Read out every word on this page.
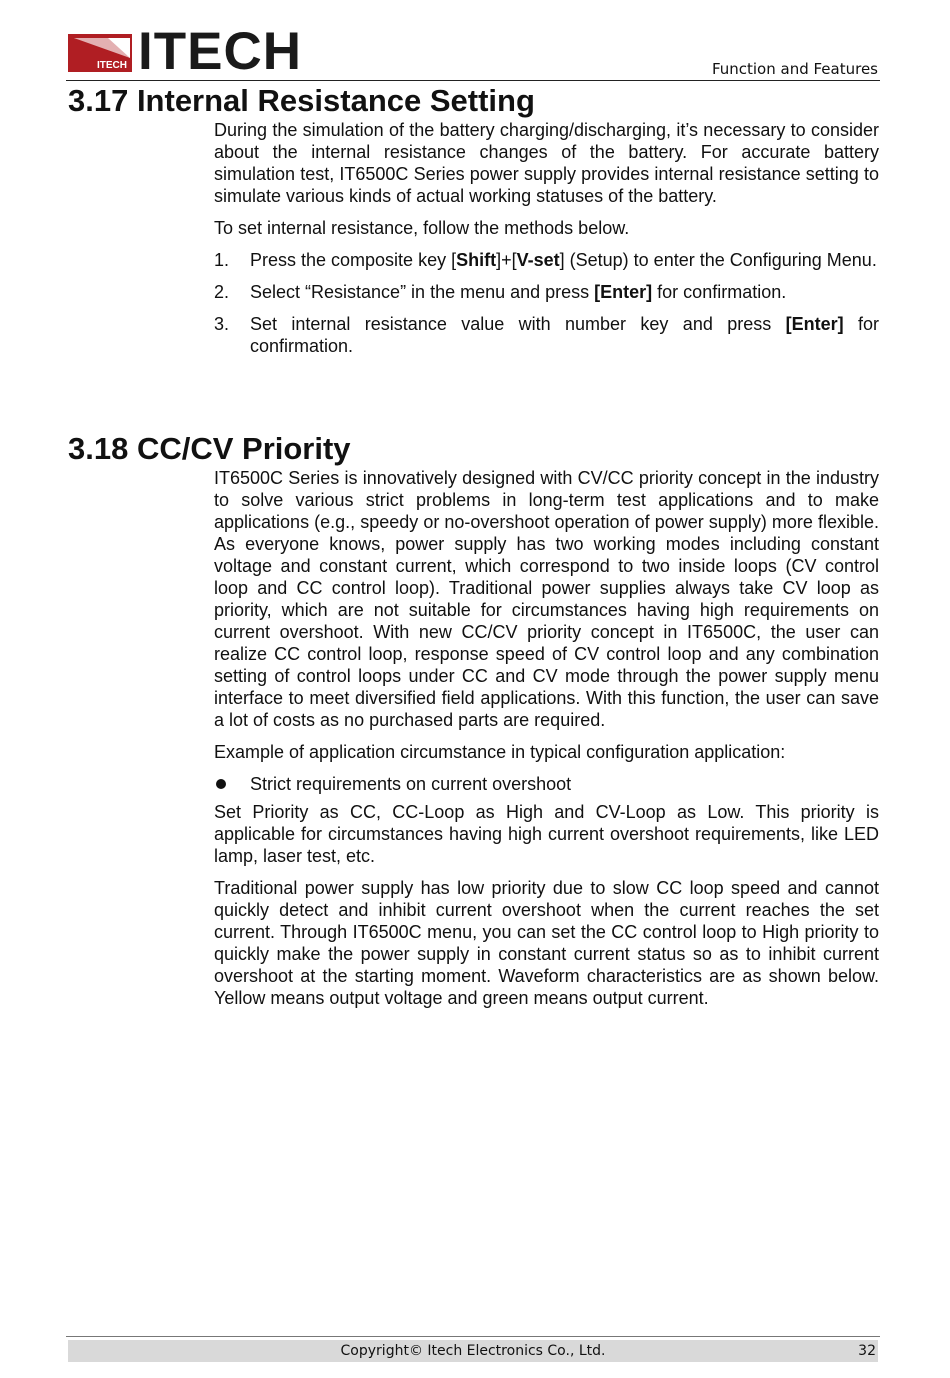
ITECH ITECH	Function and Features
3.17 Internal Resistance Setting

During the simulation of the battery charging/discharging, it’s necessary to consider about the internal resistance changes of the battery. For accurate battery simulation test, IT6500C Series power supply provides internal resistance setting to simulate various kinds of actual working statuses of the battery.

To set internal resistance, follow the methods below.

1.	Press the composite key [Shift]+[V-set] (Setup) to enter the Configuring Menu.
2.	Select “Resistance” in the menu and press [Enter] for confirmation.
3.	Set internal resistance value with number key and press [Enter] for confirmation.
3.18 CC/CV Priority

IT6500C Series is innovatively designed with CV/CC priority concept in the industry to solve various strict problems in long-term test applications and to make applications (e.g., speedy or no-overshoot operation of power supply) more flexible. As everyone knows, power supply has two working modes including constant voltage and constant current, which correspond to two inside loops (CV control loop and CC control loop). Traditional power supplies always take CV loop as priority, which are not suitable for circumstances having high requirements on current overshoot. With new CC/CV priority concept in IT6500C, the user can realize CC control loop, response speed of CV control loop and any combination setting of control loops under CC and CV mode through the power supply menu interface to meet diversified field applications. With this function, the user can save a lot of costs as no purchased parts are required.

Example of application circumstance in typical configuration application:

Strict requirements on current overshoot

Set Priority as CC, CC-Loop as High and CV-Loop as Low. This priority is applicable for circumstances having high current overshoot requirements, like LED lamp, laser test, etc.

Traditional power supply has low priority due to slow CC loop speed and cannot quickly detect and inhibit current overshoot when the current reaches the set current. Through IT6500C menu, you can set the CC control loop to High priority to quickly make the power supply in constant current status so as to inhibit current overshoot at the starting moment. Waveform characteristics are as shown below. Yellow means output voltage and green means output current.

Copyright© Itech Electronics Co., Ltd.	32
